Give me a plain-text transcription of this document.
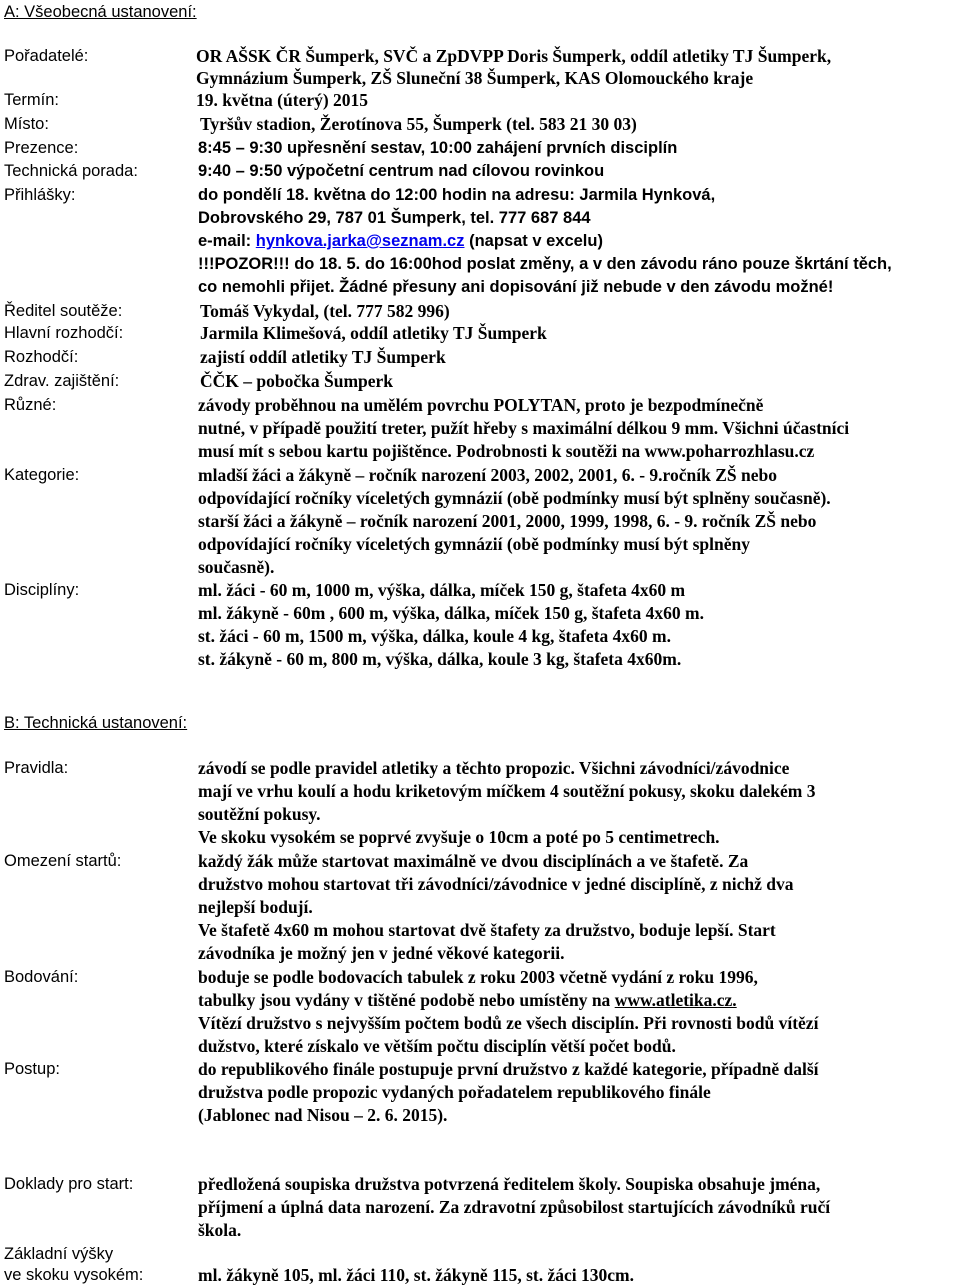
A: Všeobecná ustanovení:
Pořadatelé:	OR AŠSK ČR Šumperk, SVČ a ZpDVPP Doris Šumperk, oddíl atletiky TJ Šumperk,
Gymnázium Šumperk, ZŠ Sluneční 38 Šumperk, KAS Olomouckého kraje
Termín:	19. května (úterý) 2015
Místo:	Tyršův stadion, Žerotínova 55, Šumperk (tel. 583 21 30 03)
Prezence:	8:45 – 9:30 upřesnění sestav, 10:00 zahájení prvních disciplín
Technická porada:	9:40 – 9:50 výpočetní centrum nad cílovou rovinkou
Přihlášky:	do pondělí 18. května do 12:00 hodin na adresu: Jarmila Hynková,
Dobrovského 29, 787 01 Šumperk, tel. 777 687 844
e-mail: hynkova.jarka@seznam.cz (napsat v excelu)
!!!POZOR!!! do 18. 5. do 16:00hod poslat změny, a v den závodu ráno pouze škrtání těch,
co nemohli přijet. Žádné přesuny ani dopisování již nebude v den závodu možné!
Ředitel soutěže:	Tomáš Vykydal, (tel. 777 582 996)
Hlavní rozhodčí:	Jarmila Klimešová, oddíl atletiky TJ Šumperk
Rozhodčí:	zajistí oddíl atletiky TJ Šumperk
Zdrav. zajištění:	ČČK – pobočka Šumperk
Různé:	závody proběhnou na umělém povrchu POLYTAN, proto je bezpodmínečně
nutné, v případě použití treter, pužít hřeby s maximální délkou 9 mm. Všichni účastníci
musí mít s sebou kartu pojištěnce. Podrobnosti k soutěži na www.poharrozhlasu.cz
Kategorie:	mladší žáci a žákyně – ročník narození 2003, 2002, 2001, 6. - 9.ročník ZŠ nebo
odpovídající ročníky víceletých gymnázií (obě podmínky musí být splněny současně).
starší žáci a žákyně – ročník narození 2001, 2000, 1999, 1998, 6. - 9. ročník ZŠ nebo
odpovídající ročníky víceletých gymnázií (obě podmínky musí být splněny
současně).
Disciplíny:	ml. žáci - 60 m, 1000 m, výška, dálka, míček 150 g, štafeta 4x60 m
ml. žákyně - 60m , 600 m, výška, dálka, míček 150 g, štafeta 4x60 m.
st. žáci - 60 m, 1500 m, výška, dálka, koule 4 kg, štafeta 4x60 m.
st. žákyně - 60 m, 800 m, výška, dálka, koule 3 kg, štafeta 4x60m.
B: Technická ustanovení:
Pravidla:	závodí se podle pravidel atletiky a těchto propozic. Všichni závodníci/závodnice
mají ve vrhu koulí a hodu kriketovým míčkem 4 soutěžní pokusy, skoku dalekém 3
soutěžní pokusy.
Ve skoku vysokém se poprvé zvyšuje o 10cm a poté po 5 centimetrech.
Omezení startů:	každý žák může startovat maximálně ve dvou disciplínách a ve štafetě. Za
družstvo mohou startovat tři závodníci/závodnice v jedné disciplíně, z nichž dva
nejlepší bodují.
Ve štafetě 4x60 m mohou startovat dvě štafety za družstvo, boduje lepší. Start
závodníka je možný jen v jedné věkové kategorii.
Bodování:	boduje se podle bodovacích tabulek z roku 2003 včetně vydání z roku 1996,
tabulky jsou vydány v tištěné podobě nebo umístěny na www.atletika.cz.
Vítězí družstvo s nejvyšším počtem bodů ze všech disciplín. Při rovnosti bodů vítězí
dužstvo, které získalo ve větším počtu disciplín větší počet bodů.
Postup:	do republikového finále postupuje první družstvo z každé kategorie, případně další
družstva podle propozic vydaných pořadatelem republikového finále
(Jablonec nad Nisou – 2. 6. 2015).
Doklady pro start:	předložená soupiska družstva potvrzená ředitelem školy. Soupiska obsahuje jména,
příjmení a úplná data narození. Za zdravotní způsobilost startujících závodníků ručí
škola.
Základní výšky
ve skoku vysokém:	ml. žákyně 105, ml. žáci 110, st. žákyně 115, st. žáci 130cm.
